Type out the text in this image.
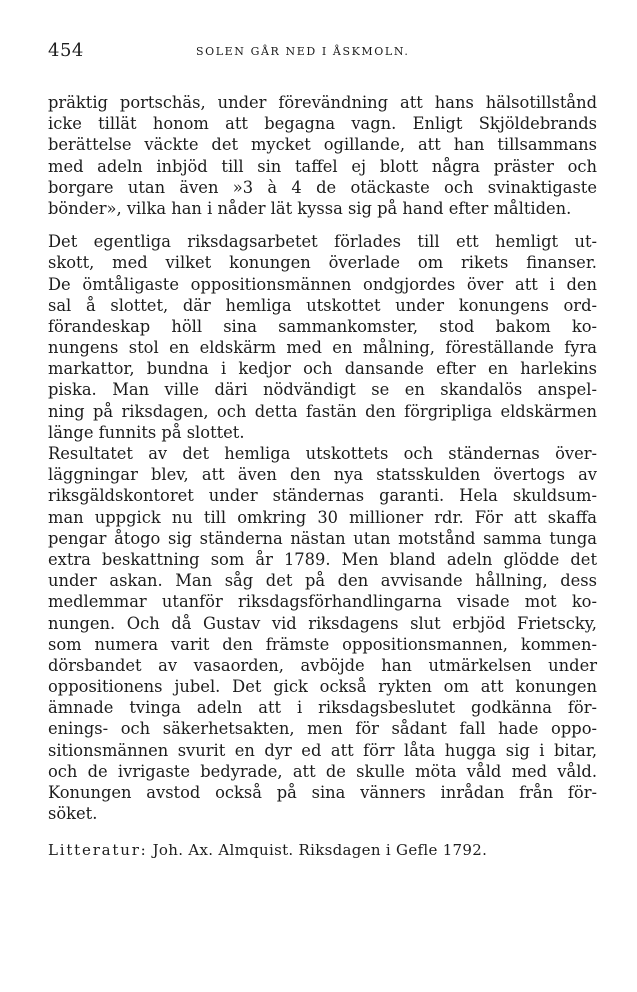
454	SOLEN GÅR NED I ÅSKMOLN.
präktig portschäs, under förevändning att hans hälsotillstånd
icke tillät honom att begagna vagn. Enligt Skjöldebrands
berättelse väckte det mycket ogillande, att han tillsammans
med adeln inbjöd till sin taffel ej blott några präster och
borgare utan även »3 à 4 de otäckaste och svinaktigaste
bönder», vilka han i nåder lät kyssa sig på hand efter måltiden.
Det egentliga riksdagsarbetet förlades till ett hemligt ut-
skott, med vilket konungen överlade om rikets finanser.
De ömtåligaste oppositionsmännen ondgjordes över att i den
sal å slottet, där hemliga utskottet under konungens ord-
förandeskap höll sina sammankomster, stod bakom ko-
nungens stol en eldskärm med en målning, föreställande fyra
markattor, bundna i kedjor och dansande efter en harlekins
piska. Man ville däri nödvändigt se en skandalös anspel-
ning på riksdagen, och detta fastän den förgripliga eldskärmen
länge funnits på slottet.
Resultatet av det hemliga utskottets och ständernas över-
läggningar blev, att även den nya statsskulden övertogs av
riksgäldskontoret under ständernas garanti. Hela skuldsum-
man uppgick nu till omkring 30 millioner rdr. För att skaffa
pengar åtogo sig ständerna nästan utan motstånd samma tunga
extra beskattning som år 1789. Men bland adeln glödde det
under askan. Man såg det på den avvisande hållning, dess
medlemmar utanför riksdagsförhandlingarna visade mot ko-
nungen. Och då Gustav vid riksdagens slut erbjöd Frietscky,
som numera varit den främste oppositionsmannen, kommen-
dörsbandet av vasaorden, avböjde han utmärkelsen under
oppositionens jubel. Det gick också rykten om att konungen
ämnade tvinga adeln att i riksdagsbeslutet godkänna för-
enings- och säkerhetsakten, men för sådant fall hade oppo-
sitionsmännen svurit en dyr ed att förr låta hugga sig i bitar,
och de ivrigaste bedyrade, att de skulle möta våld med våld.
Konungen avstod också på sina vänners inrådan från för-
söket.
Litteratur: Joh. Ax. Almquist. Riksdagen i Gefle 1792.
